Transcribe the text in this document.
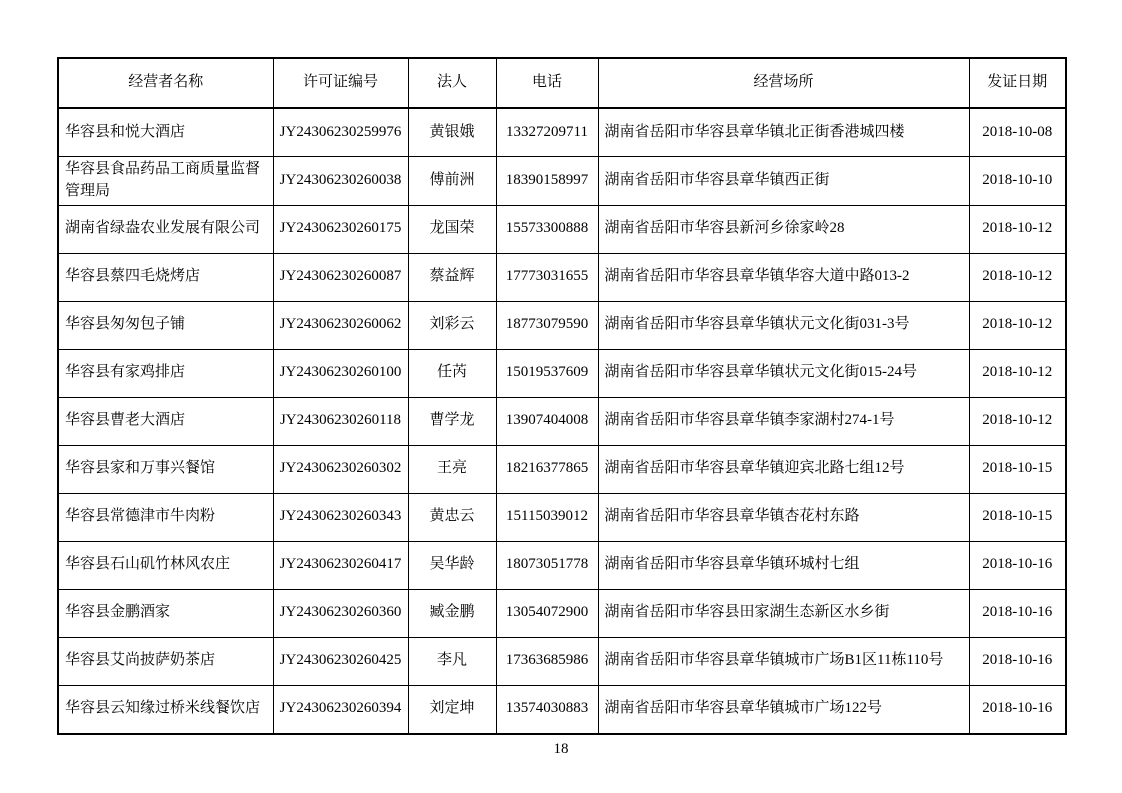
经营者名称	许可证编号	法人	电话	经营场所	发证日期
华容县和悦大酒店	JY24306230259976	黄银娥	13327209711	湖南省岳阳市华容县章华镇北正街香港城四楼	2018-10-08
华容县食品药品工商质量监督管理局	JY24306230260038	傅前洲	18390158997	湖南省岳阳市华容县章华镇西正街	2018-10-10
湖南省绿盎农业发展有限公司	JY24306230260175	龙国荣	15573300888	湖南省岳阳市华容县新河乡徐家岭28	2018-10-12
华容县蔡四毛烧烤店	JY24306230260087	蔡益辉	17773031655	湖南省岳阳市华容县章华镇华容大道中路013-2	2018-10-12
华容县匆匆包子铺	JY24306230260062	刘彩云	18773079590	湖南省岳阳市华容县章华镇状元文化街031-3号	2018-10-12
华容县有家鸡排店	JY24306230260100	任芮	15019537609	湖南省岳阳市华容县章华镇状元文化街015-24号	2018-10-12
华容县曹老大酒店	JY24306230260118	曹学龙	13907404008	湖南省岳阳市华容县章华镇李家湖村274-1号	2018-10-12
华容县家和万事兴餐馆	JY24306230260302	王亮	18216377865	湖南省岳阳市华容县章华镇迎宾北路七组12号	2018-10-15
华容县常德津市牛肉粉	JY24306230260343	黄忠云	15115039012	湖南省岳阳市华容县章华镇杏花村东路	2018-10-15
华容县石山矶竹林风农庄	JY24306230260417	吴华龄	18073051778	湖南省岳阳市华容县章华镇环城村七组	2018-10-16
华容县金鹏酒家	JY24306230260360	臧金鹏	13054072900	湖南省岳阳市华容县田家湖生态新区水乡街	2018-10-16
华容县艾尚披萨奶茶店	JY24306230260425	李凡	17363685986	湖南省岳阳市华容县章华镇城市广场B1区11栋110号	2018-10-16
华容县云知缘过桥米线餐饮店	JY24306230260394	刘定坤	13574030883	湖南省岳阳市华容县章华镇城市广场122号	2018-10-16
18
